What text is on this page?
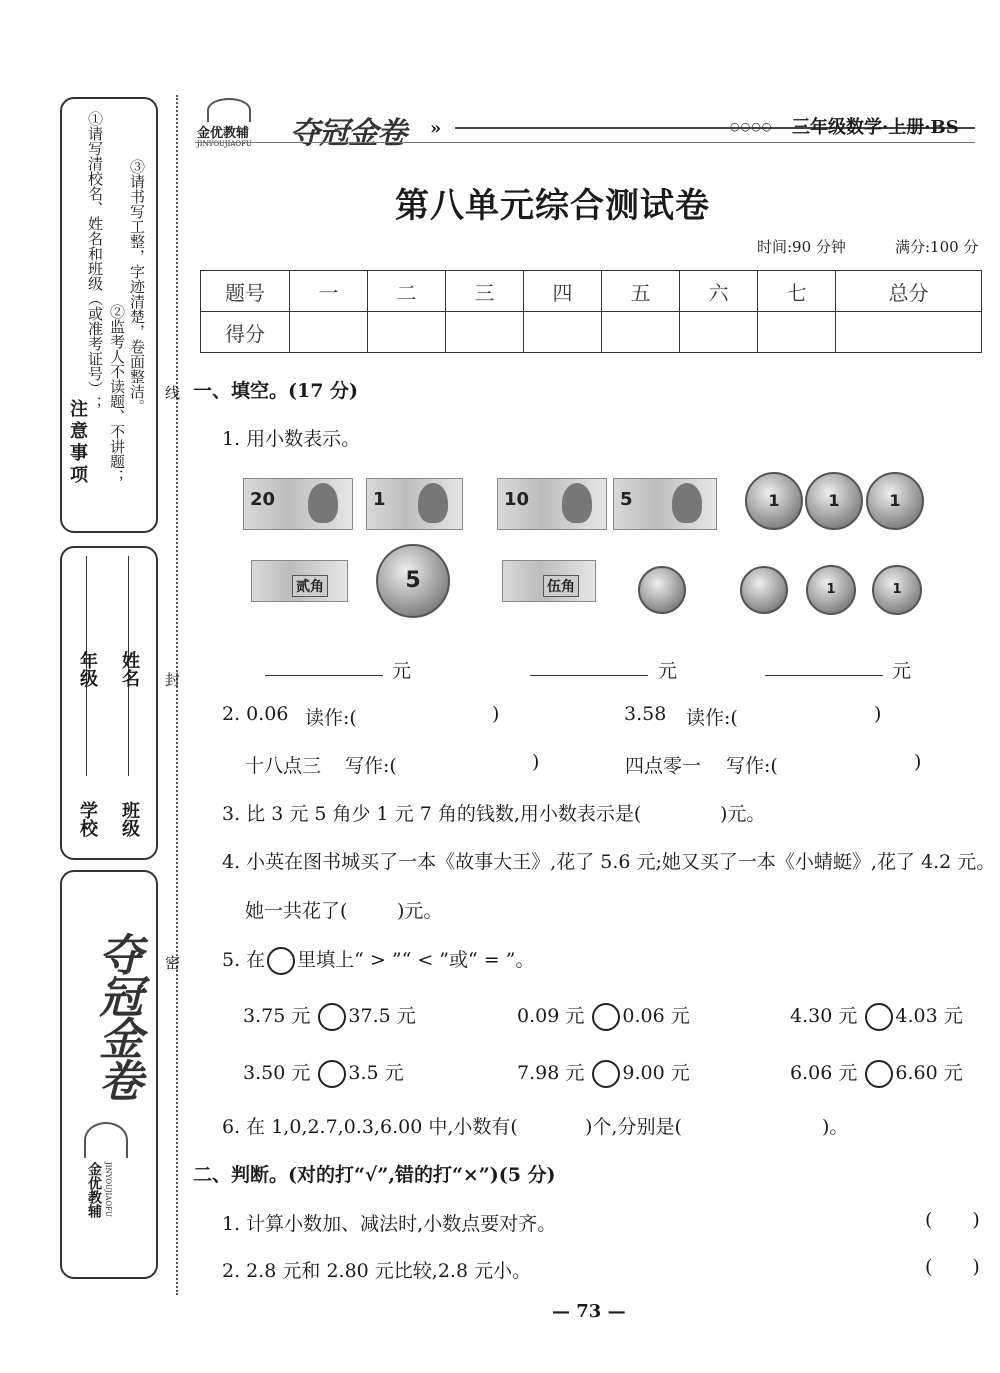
注意事项
①请写清校名、姓名和班级（或准考证号）； ②监考人不读题、不讲题； ③请书写工整，字迹清楚，卷面整洁。
学校
年级
班级
姓名
夺冠金卷
金优教辅 JINYOUJIAOFU
线
封
密
金优教辅
JINYOUJIAOFU 夺冠金卷 »	○○○○ 三年级数学·上册·BS
第八单元综合测试卷
时间:90 分钟	满分:100 分
题号	一	二	三	四	五	六	七	总分
得分								
一、填空。(17 分)
1. 用小数表示。
20	1	10	5	1	1	1
贰角	5	伍角	1	1
元	元	元
2. 0.06 读作:(	)	3.58 读作:(	)
十八点三 写作:(	)	四点零一 写作:(	)
3. 比 3 元 5 角少 1 元 7 角的钱数,用小数表示是(	)元。
4. 小英在图书城买了一本《故事大王》,花了 5.6 元;她又买了一本《小蜻蜓》,花了 4.2 元。
她一共花了(	)元。
5. 在 里填上“ > ”“ < ”或“ = ”。
3.75 元 37.5 元	0.09 元 0.06 元	4.30 元 4.03 元
3.50 元 3.5 元	7.98 元 9.00 元	6.06 元 6.60 元
6. 在 1,0,2.7,0.3,6.00 中,小数有(	)个,分别是(	)。
二、判断。(对的打“√”,错的打“×”)(5 分)
1. 计算小数加、减法时,小数点要对齐。	( )
2. 2.8 元和 2.80 元比较,2.8 元小。	( )
— 73 —
